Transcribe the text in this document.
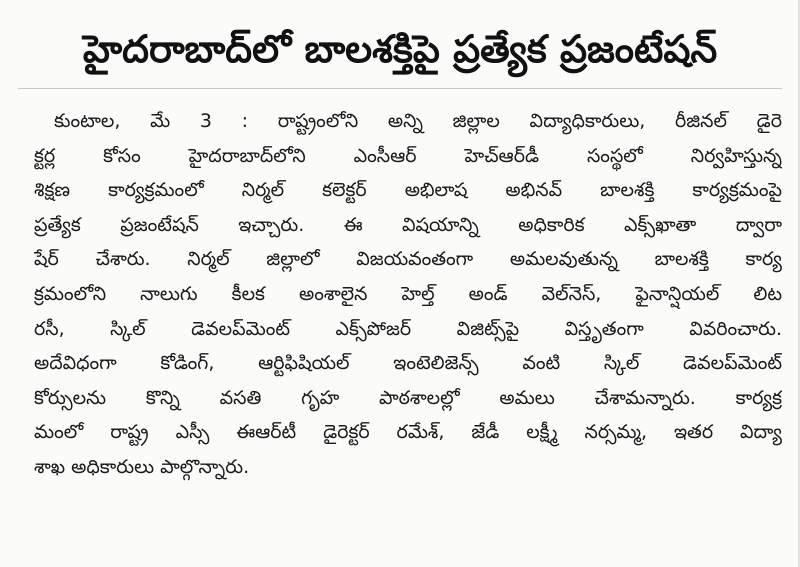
హైదరాబాద్‌లో బాలశక్తిపై ప్రత్యేక ప్రజంటేషన్
కుంటాల, మే 3 : రాష్ట్రంలోని అన్ని జిల్లాల విద్యాధికారులు, రీజినల్ డైరె
క్టర్ల కోసం హైదరాబాద్‌లోని ఎంసీఆర్ హెచ్ఆర్‌డీ సంస్థలో నిర్వహిస్తున్న
శిక్షణ కార్యక్రమంలో నిర్మల్ కలెక్టర్ అభిలాష అభినవ్ బాలశక్తి కార్యక్రమంపై
ప్రత్యేక ప్రజంటేషన్ ఇచ్చారు. ఈ విషయాన్ని అధికారిక ఎక్స్‌ఖాతా ద్వారా
షేర్ చేశారు. నిర్మల్ జిల్లాలో విజయవంతంగా అమలవుతున్న బాలశక్తి కార్య
క్రమంలోని నాలుగు కీలక అంశాలైన హెల్త్ అండ్ వెల్‌నెస్, ఫైనాన్షియల్ లిట
రసీ, స్కిల్ డెవలప్‌మెంట్ ఎక్స్‌పోజర్ విజిట్స్‌పై విస్తృతంగా వివరించారు.
అదేవిధంగా కోడింగ్, ఆర్టిఫిషియల్ ఇంటెలిజెన్స్ వంటి స్కిల్ డెవలప్‌మెంట్
కోర్సులను కొన్ని వసతి గృహ పాఠశాలల్లో అమలు చేశామన్నారు. కార్యక్ర
మంలో రాష్ట్ర ఎస్సీ ఈఆర్‌టీ డైరెక్టర్ రమేశ్, జేడీ లక్ష్మీ నర్సమ్మ, ఇతర విద్యా
శాఖ అధికారులు పాల్గొన్నారు.
